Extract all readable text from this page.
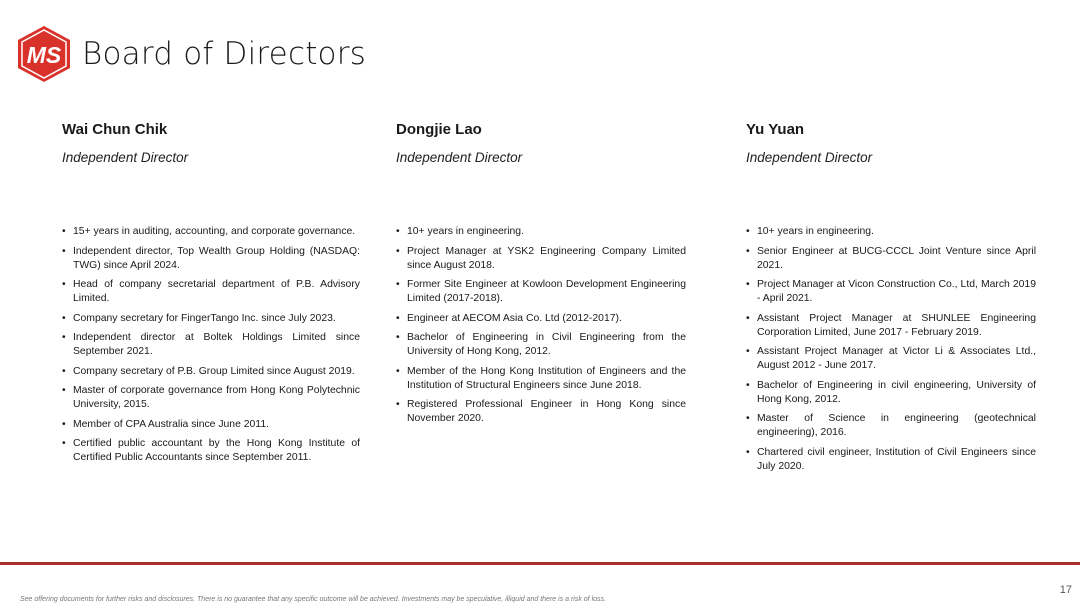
MS Board of Directors
Wai Chun Chik
Independent Director
• 15+ years in auditing, accounting, and corporate governance.
• Independent director, Top Wealth Group Holding (NASDAQ: TWG) since April 2024.
• Head of company secretarial department of P.B. Advisory Limited.
• Company secretary for FingerTango Inc. since July 2023.
• Independent director at Boltek Holdings Limited since September 2021.
• Company secretary of P.B. Group Limited since August 2019.
• Master of corporate governance from Hong Kong Polytechnic University, 2015.
• Member of CPA Australia since June 2011.
• Certified public accountant by the Hong Kong Institute of Certified Public Accountants since September 2011.
Dongjie Lao
Independent Director
• 10+ years in engineering.
• Project Manager at YSK2 Engineering Company Limited since August 2018.
• Former Site Engineer at Kowloon Development Engineering Limited (2017-2018).
• Engineer at AECOM Asia Co. Ltd (2012-2017).
• Bachelor of Engineering in Civil Engineering from the University of Hong Kong, 2012.
• Member of the Hong Kong Institution of Engineers and the Institution of Structural Engineers since June 2018.
• Registered Professional Engineer in Hong Kong since November 2020.
Yu Yuan
Independent Director
• 10+ years in engineering.
• Senior Engineer at BUCG-CCCL Joint Venture since April 2021.
• Project Manager at Vicon Construction Co., Ltd, March 2019 - April 2021.
• Assistant Project Manager at SHUNLEE Engineering Corporation Limited, June 2017 - February 2019.
• Assistant Project Manager at Victor Li & Associates Ltd., August 2012 - June 2017.
• Bachelor of Engineering in civil engineering, University of Hong Kong, 2012.
• Master of Science in engineering (geotechnical engineering), 2016.
• Chartered civil engineer, Institution of Civil Engineers since July 2020.
17
See offering documents for further risks and disclosures. There is no guarantee that any specific outcome will be achieved. Investments may be speculative, illiquid and there is a risk of loss.
